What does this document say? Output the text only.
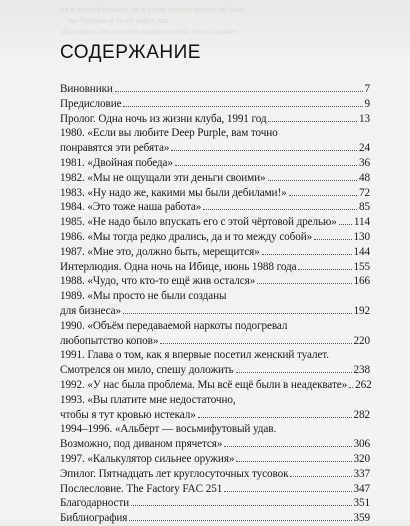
ни в плохой музыке, ни в стиле танцев ничего не было
вы бросили и он не знает, как
объяснить, что и в этих вопросах себе что-то значит
СОДЕРЖАНИЕ
Виновники	7
Предисловие	9
Пролог. Одна ночь из жизни клуба, 1991 год	13
1980. «Если вы любите Deep Purple, вам точно
понравятся эти ребята»	24
1981. «Двойная победа»	36
1982. «Мы не ощущали эти деньги своими»	48
1983. «Ну надо же, какими мы были дебилами!»	72
1984. «Это тоже наша работа»	85
1985. «Не надо было впускать его с этой чёртовой дрелью» 114
1986. «Мы тогда редко дрались, да и то между собой»	130
1987. «Мне это, должно быть, мерещится»	144
Интерлюдия. Одна ночь на Ибице, июнь 1988 года	155
1988. «Чудо, что кто-то ещё жив остался»	166
1989. «Мы просто не были созданы
для бизнеса»	192
1990. «Объём передаваемой наркоты подогревал
любопытство копов»	220
1991. Глава о том, как я впервые посетил женский туалет.
Смотрелся он мило, спешу доложить	238
1992. «У нас была проблема. Мы всё ещё были в неадеквате» 262
1993. «Вы платите мне недостаточно,
чтобы я тут кровью истекал»	282
1994–1996. «Альберт — восьмифутовый удав.
Возможно, под диваном прячется»	306
1997. «Калькулятор сильнее оружия»	320
Эпилог. Пятнадцать лет круглосуточных тусовок	337
Послесловие. The Factory FAC 251	347
Благодарности	351
Библиография	359
